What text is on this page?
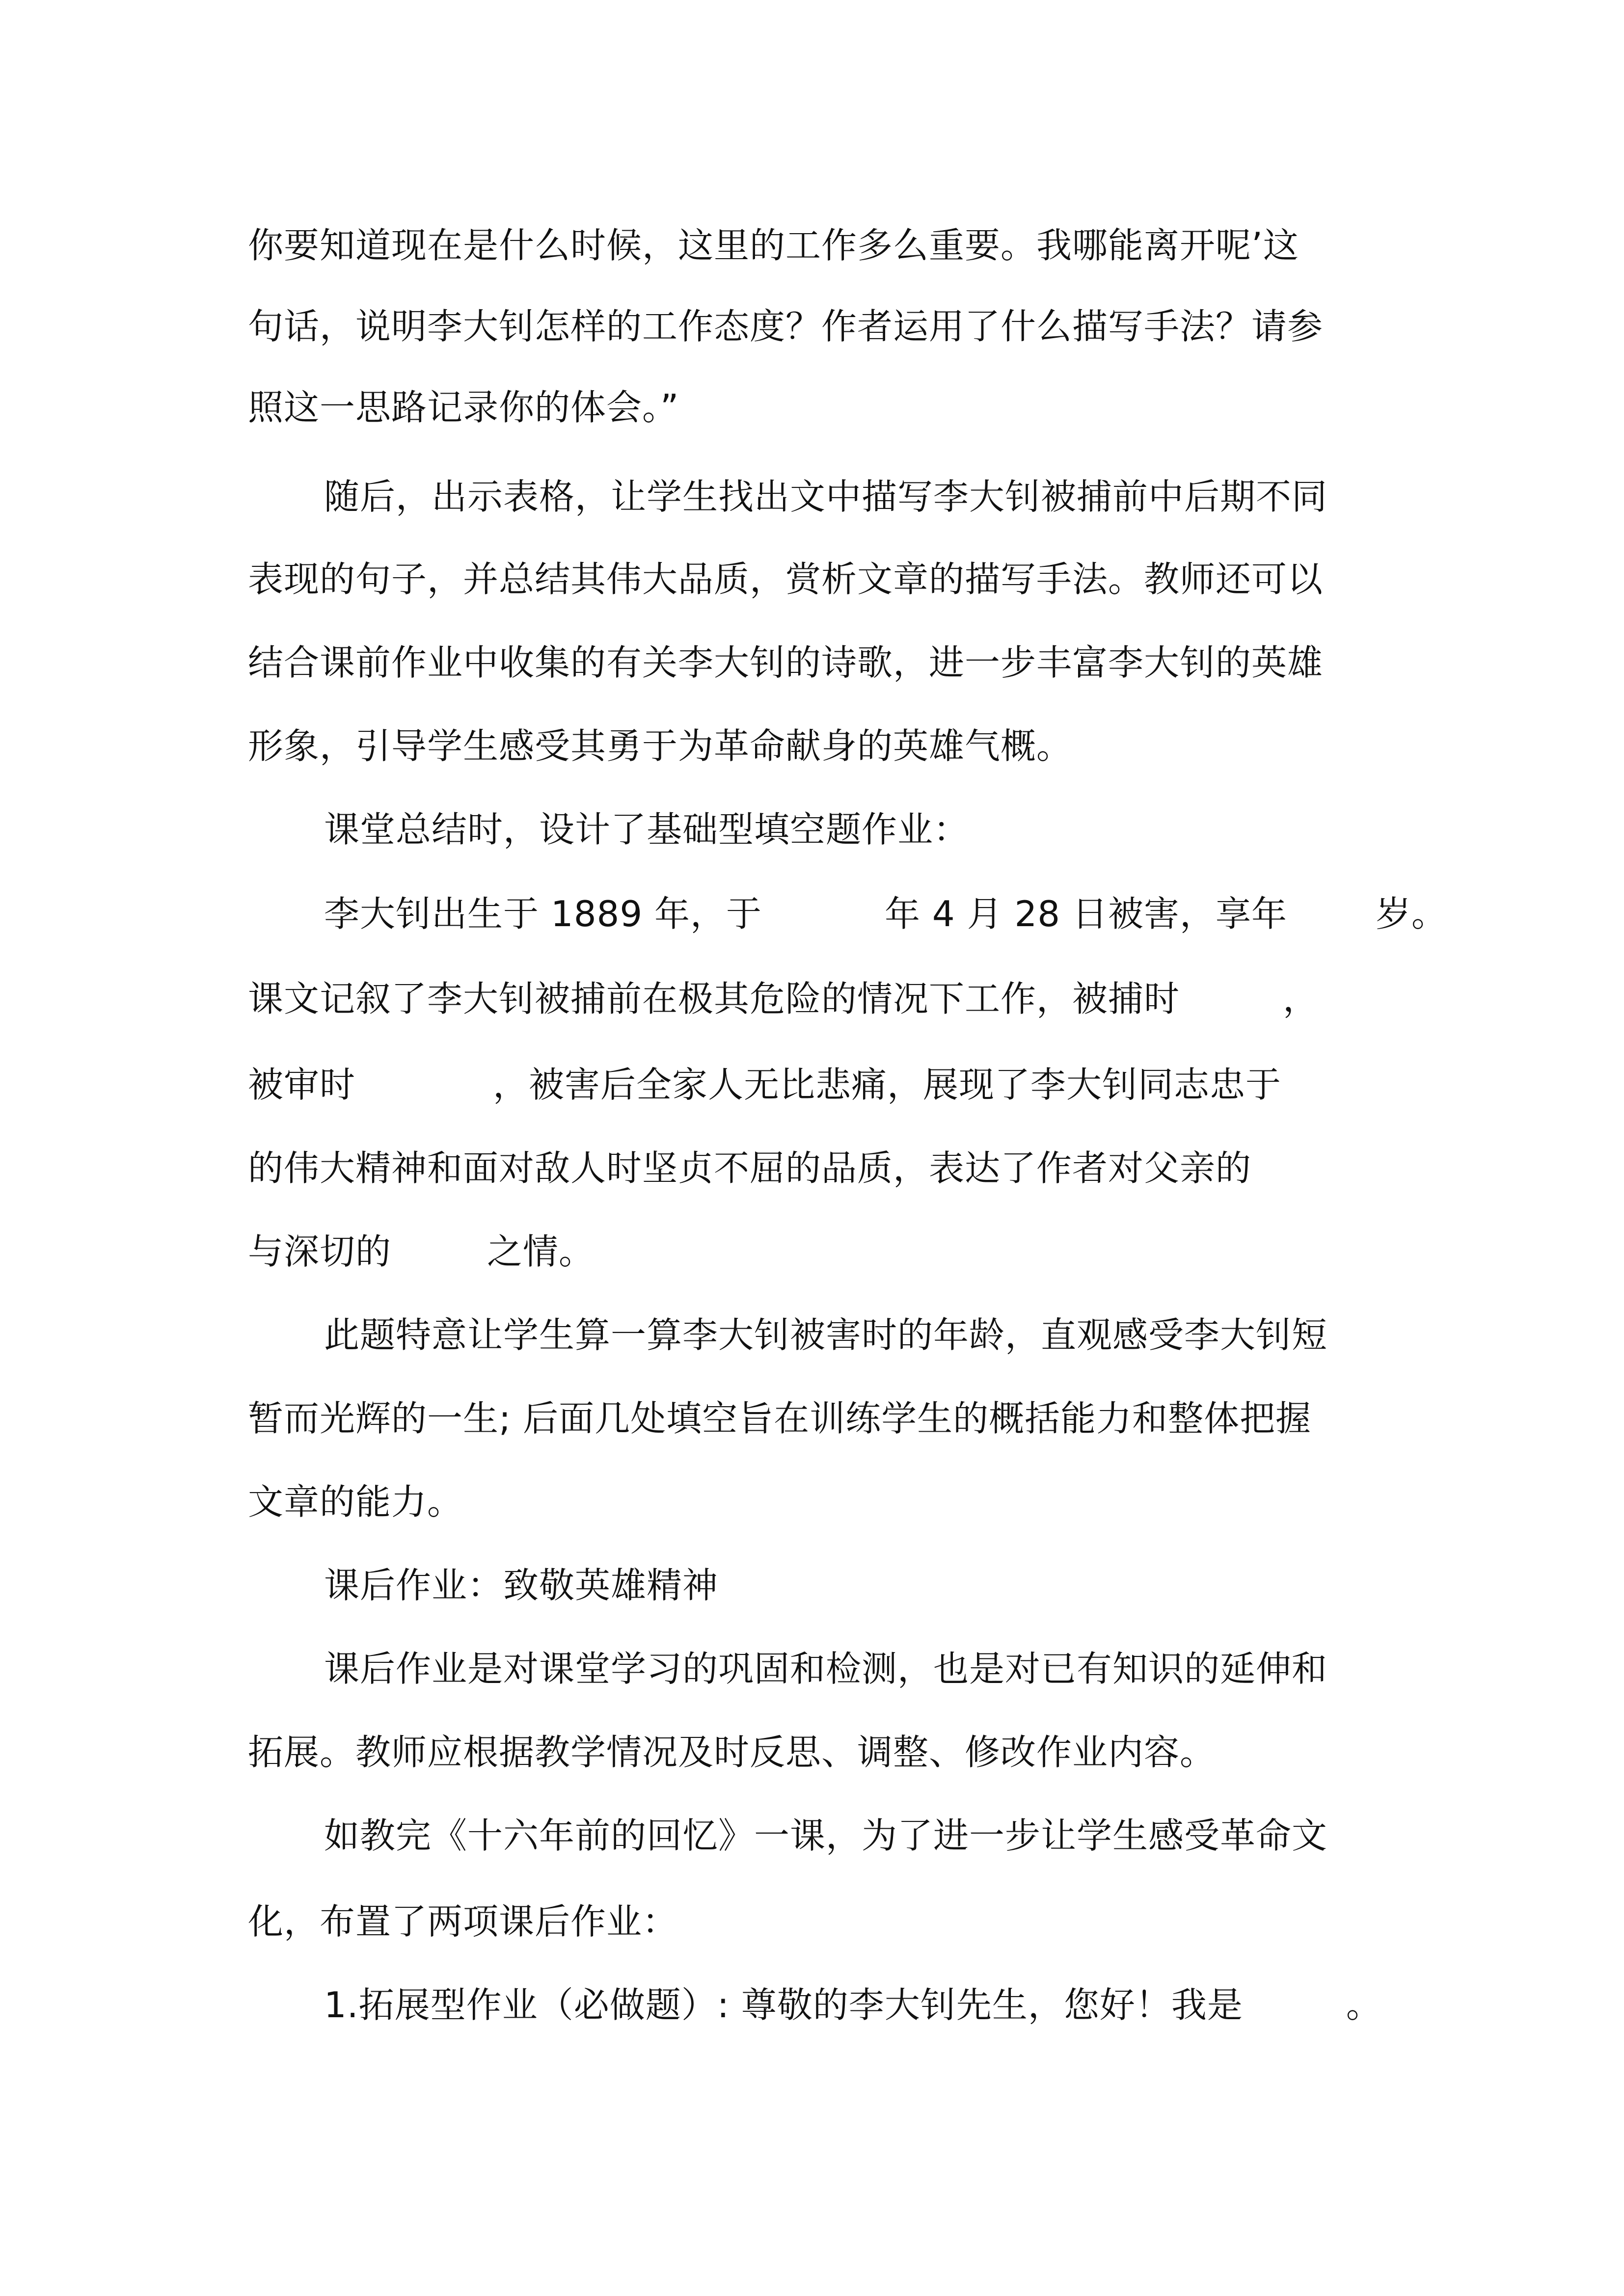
你要知道现在是什么时候，这里的工作多么重要。我哪能离开呢’这
句话，说明李大钊怎样的工作态度？作者运用了什么描写手法？请参
照这一思路记录你的体会。”
随后，出示表格，让学生找出文中描写李大钊被捕前中后期不同
表现的句子，并总结其伟大品质，赏析文章的描写手法。教师还可以
结合课前作业中收集的有关李大钊的诗歌，进一步丰富李大钊的英雄
形象，引导学生感受其勇于为革命献身的英雄气概。
课堂总结时，设计了基础型填空题作业：
李大钊出生于 1889 年，于	年 4 月 28 日被害，享年	岁。
课文记叙了李大钊被捕前在极其危险的情况下工作，被捕时	，
被审时	，被害后全家人无比悲痛，展现了李大钊同志忠于
的伟大精神和面对敌人时坚贞不屈的品质，表达了作者对父亲的
与深切的	之情。
此题特意让学生算一算李大钊被害时的年龄，直观感受李大钊短
暂而光辉的一生; 后面几处填空旨在训练学生的概括能力和整体把握
文章的能力。
课后作业：致敬英雄精神
课后作业是对课堂学习的巩固和检测，也是对已有知识的延伸和
拓展。教师应根据教学情况及时反思、调整、修改作业内容。
如教完《十六年前的回忆》一课，为了进一步让学生感受革命文
化，布置了两项课后作业：
1.拓展型作业（必做题）: 尊敬的李大钊先生，您好！我是	。
